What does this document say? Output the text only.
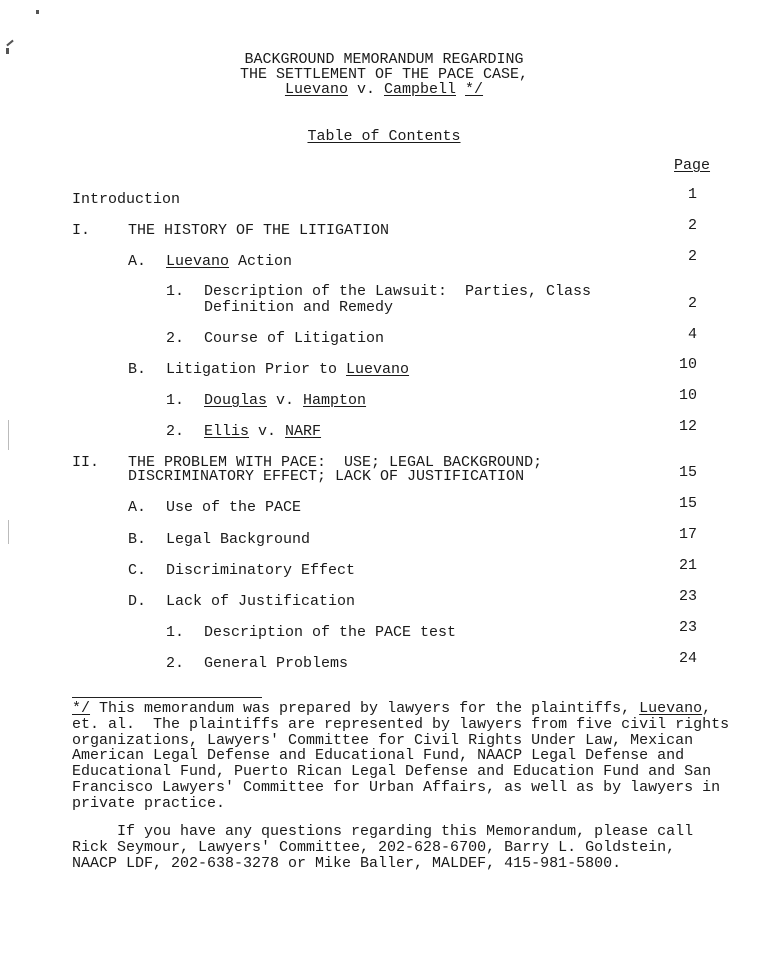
BACKGROUND MEMORANDUM REGARDING
THE SETTLEMENT OF THE PACE CASE,
Luevano v. Campbell */
Table of Contents
Page
Introduction	1
I.	THE HISTORY OF THE LITIGATION	2
A. Luevano Action	2
1. Description of the Lawsuit:  Parties, Class
Definition and Remedy	2
2. Course of Litigation	4
B. Litigation Prior to Luevano	10
1. Douglas v. Hampton	10
2. Ellis v. NARF	12
II. THE PROBLEM WITH PACE:  USE; LEGAL BACKGROUND;
DISCRIMINATORY EFFECT; LACK OF JUSTIFICATION	15
A. Use of the PACE	15
B. Legal Background	17
C. Discriminatory Effect	21
D. Lack of Justification	23
1. Description of the PACE test	23
2. General Problems	24
*/ This memorandum was prepared by lawyers for the plaintiffs, Luevano,
et. al.  The plaintiffs are represented by lawyers from five civil rights
organizations, Lawyers' Committee for Civil Rights Under Law, Mexican
American Legal Defense and Educational Fund, NAACP Legal Defense and
Educational Fund, Puerto Rican Legal Defense and Education Fund and San
Francisco Lawyers' Committee for Urban Affairs, as well as by lawyers in
private practice.
If you have any questions regarding this Memorandum, please call
Rick Seymour, Lawyers' Committee, 202-628-6700, Barry L. Goldstein,
NAACP LDF, 202-638-3278 or Mike Baller, MALDEF, 415-981-5800.
